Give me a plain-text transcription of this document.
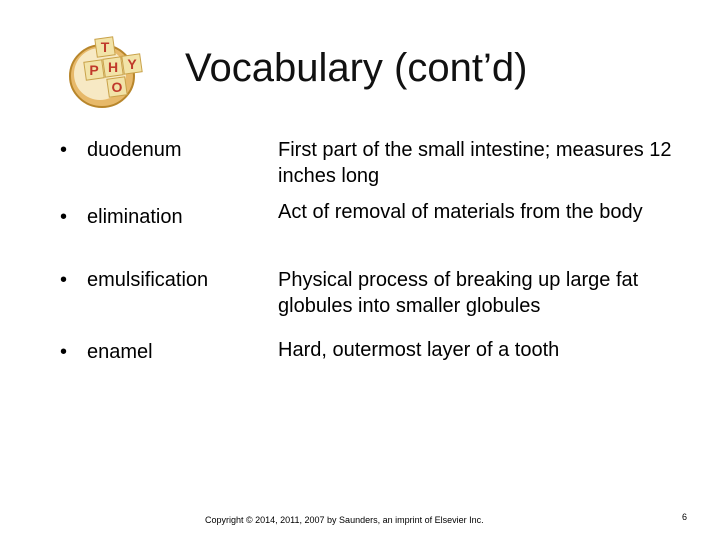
T
P H Y
O Vocabulary (cont’d)
• duodenum	First part of the small intestine; measures 12 inches long
• elimination	Act of removal of materials from the body
• emulsification	Physical process of breaking up large fat globules into smaller globules
• enamel	Hard, outermost layer of a tooth
Copyright © 2014, 2011, 2007 by Saunders, an imprint of Elsevier Inc.	6
